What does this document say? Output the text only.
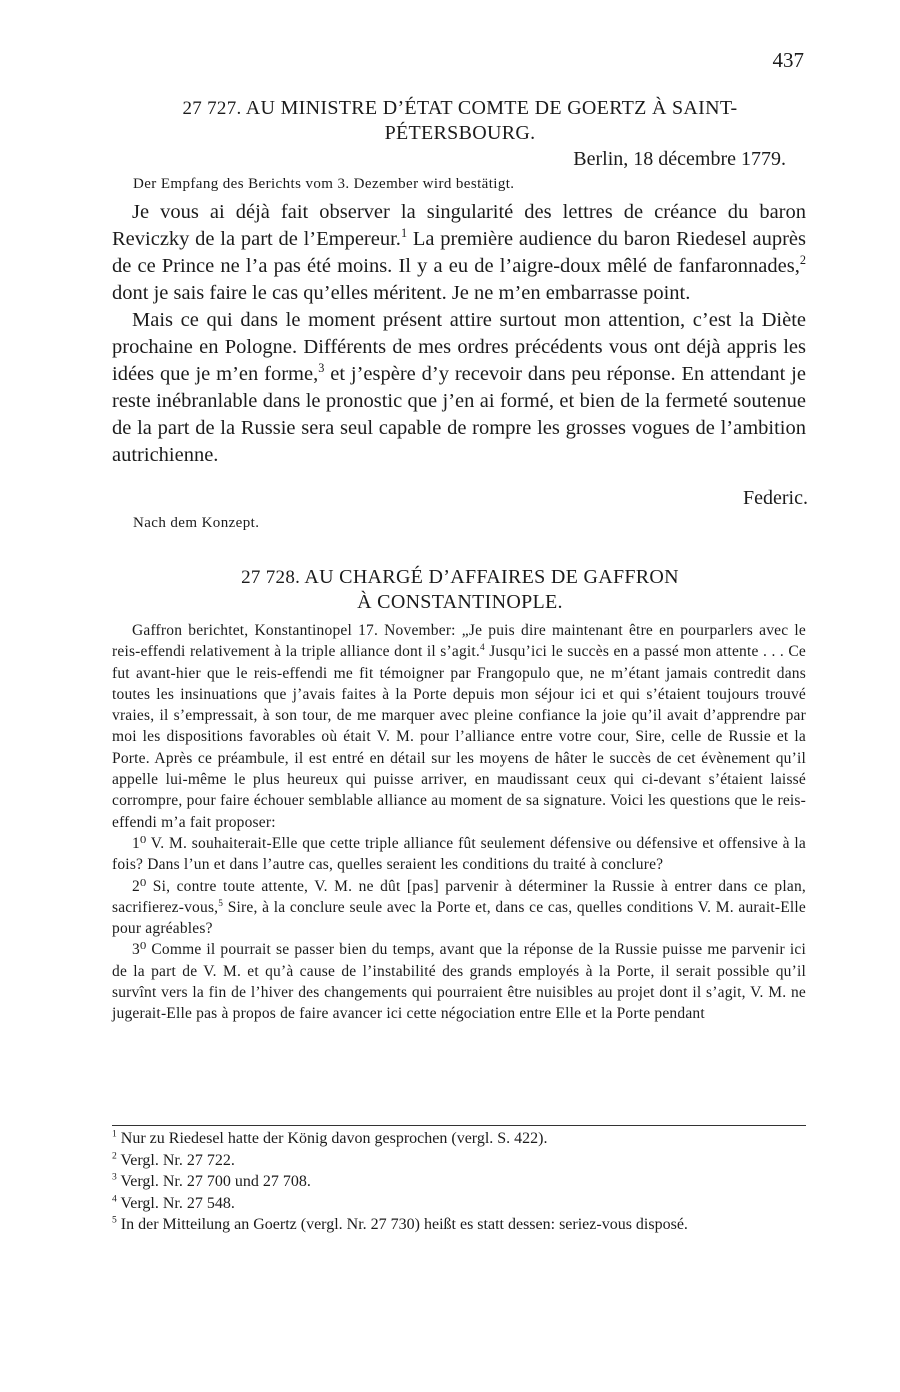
437
27 727. AU MINISTRE D’ÉTAT COMTE DE GOERTZ À SAINT-
PÉTERSBOURG.
Berlin, 18 décembre 1779.
Der Empfang des Berichts vom 3. Dezember wird bestätigt.

Je vous ai déjà fait observer la singularité des lettres de créance du baron Reviczky de la part de l’Empereur.$^1$ La première audience du baron Riedesel auprès de ce Prince ne l’a pas été moins. Il y a eu de l’aigre-doux mêlé de fanfaronnades,$^2$ dont je sais faire le cas qu’elles méritent. Je ne m’en embarrasse point.

Mais ce qui dans le moment présent attire surtout mon attention, c’est la Diète prochaine en Pologne. Différents de mes ordres précédents vous ont déjà appris les idées que je m’en forme,$^3$ et j’espère d’y recevoir dans peu réponse. En attendant je reste inébranlable dans le pronostic que j’en ai formé, et bien de la fermeté soutenue de la part de la Russie sera seul capable de rompre les grosses vogues de l’ambition autrichienne.

Federic.
Nach dem Konzept.
27 728. AU CHARGÉ D’AFFAIRES DE GAFFRON
À CONSTANTINOPLE.

Gaffron berichtet, Konstantinopel 17. November: „Je puis dire maintenant être en pourparlers avec le reis-effendi relativement à la triple alliance dont il s’agit.$^4$ Jusqu’ici le succès en a passé mon attente . . . Ce fut avant-hier que le reis-effendi me fit témoigner par Frangopulo que, ne m’étant jamais contredit dans toutes les insinuations que j’avais faites à la Porte depuis mon séjour ici et qui s’étaient toujours trouvé vraies, il s’empressait, à son tour, de me marquer avec pleine confiance la joie qu’il avait d’apprendre par moi les dispositions favorables où était V. M. pour l’alliance entre votre cour, Sire, celle de Russie et la Porte. Après ce préambule, il est entré en détail sur les moyens de hâter le succès de cet évènement qu’il appelle lui-même le plus heureux qui puisse arriver, en maudissant ceux qui ci-devant s’étaient laissé corrompre, pour faire échouer semblable alliance au moment de sa signature. Voici les questions que le reis-effendi m’a fait proposer:

1⁰ V. M. souhaiterait-Elle que cette triple alliance fût seulement défensive ou défensive et offensive à la fois? Dans l’un et dans l’autre cas, quelles seraient les conditions du traité à conclure?

2⁰ Si, contre toute attente, V. M. ne dût [pas] parvenir à déterminer la Russie à entrer dans ce plan, sacrifierez-vous,$^5$ Sire, à la conclure seule avec la Porte et, dans ce cas, quelles conditions V. M. aurait-Elle pour agréables?

3⁰ Comme il pourrait se passer bien du temps, avant que la réponse de la Russie puisse me parvenir ici de la part de V. M. et qu’à cause de l’instabilité des grands employés à la Porte, il serait possible qu’il survînt vers la fin de l’hiver des changements qui pourraient être nuisibles au projet dont il s’agit, V. M. ne jugerait-Elle pas à propos de faire avancer ici cette négociation entre Elle et la Porte pendant

$^1$ Nur zu Riedesel hatte der König davon gesprochen (vergl. S. 422).

$^2$ Vergl. Nr. 27 722.

$^3$ Vergl. Nr. 27 700 und 27 708.

$^4$ Vergl. Nr. 27 548.

$^5$ In der Mitteilung an Goertz (vergl. Nr. 27 730) heißt es statt dessen: seriez-vous disposé.
